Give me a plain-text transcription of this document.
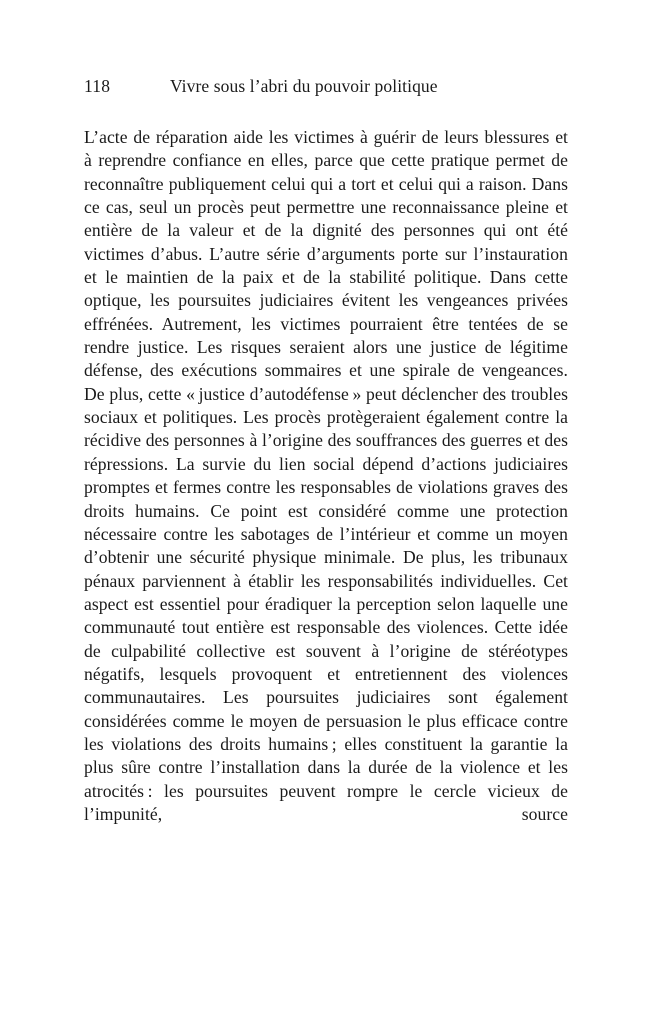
118	Vivre sous l’abri du pouvoir politique

L’acte de réparation aide les victimes à guérir de leurs blessures et à reprendre confiance en elles, parce que cette pratique permet de reconnaître publiquement celui qui a tort et celui qui a raison. Dans ce cas, seul un procès peut permettre une reconnaissance pleine et entière de la valeur et de la dignité des personnes qui ont été victimes d’abus. L’autre série d’arguments porte sur l’instauration et le maintien de la paix et de la stabilité politique. Dans cette optique, les poursuites judiciaires évitent les vengeances privées effrénées. Autrement, les victimes pourraient être tentées de se rendre justice. Les risques seraient alors une justice de légitime défense, des exécutions sommaires et une spirale de vengeances. De plus, cette « justice d’autodéfense » peut déclencher des troubles sociaux et politiques. Les procès protègeraient également contre la récidive des personnes à l’origine des souffrances des guerres et des répressions. La survie du lien social dépend d’actions judiciaires promptes et fermes contre les responsables de violations graves des droits humains. Ce point est considéré comme une protection nécessaire contre les sabotages de l’intérieur et comme un moyen d’obtenir une sécurité physique minimale. De plus, les tribunaux pénaux parviennent à établir les responsabilités individuelles. Cet aspect est essentiel pour éradiquer la perception selon laquelle une communauté tout entière est responsable des violences. Cette idée de culpabilité collective est souvent à l’origine de stéréotypes négatifs, lesquels provoquent et entretiennent des violences communautaires. Les poursuites judiciaires sont également considérées comme le moyen de persuasion le plus efficace contre les violations des droits humains ; elles constituent la garantie la plus sûre contre l’installation dans la durée de la violence et les atrocités : les poursuites peuvent rompre le cercle vicieux de l’impunité, source
